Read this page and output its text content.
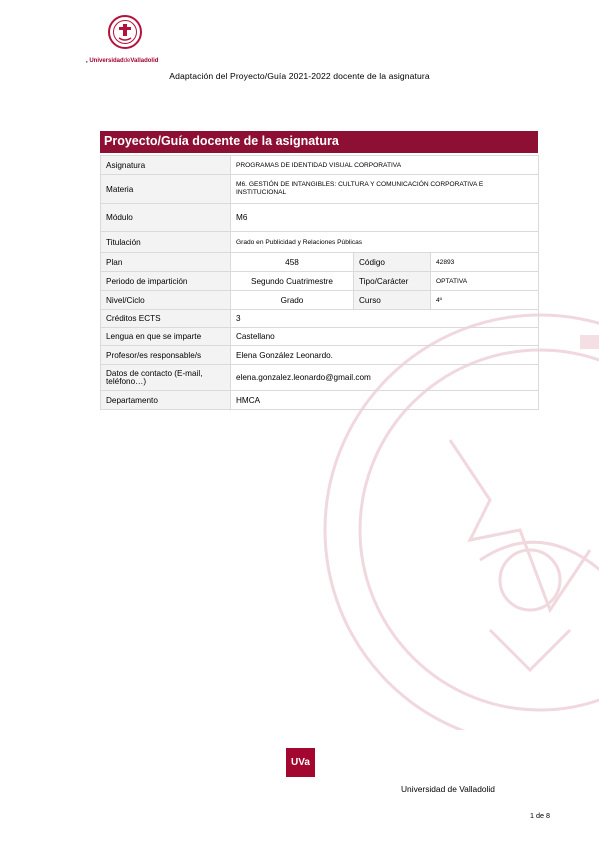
, UniversidaddeValladolid
Adaptación del Proyecto/Guía 2021-2022 docente de la asignatura
Proyecto/Guía docente de la asignatura
Asignatura	PROGRAMAS DE IDENTIDAD VISUAL CORPORATIVA		
Materia	M6. GESTIÓN DE INTANGIBLES: CULTURA Y COMUNICACIÓN CORPORATIVA E INSTITUCIONAL		
Módulo	M6		
Titulación	Grado en Publicidad y Relaciones Públicas		
Plan	458	Código	42893
Periodo de impartición	Segundo Cuatrimestre	Tipo/Carácter	OPTATIVA
Nivel/Ciclo	Grado	Curso	4º
Créditos ECTS	3		
Lengua en que se imparte	Castellano		
Profesor/es responsable/s	Elena González Leonardo.		
Datos de contacto (E-mail, teléfono…)	elena.gonzalez.leonardo@gmail.com		
Departamento	HMCA		
UVa
Universidad de Valladolid
1 de 8
